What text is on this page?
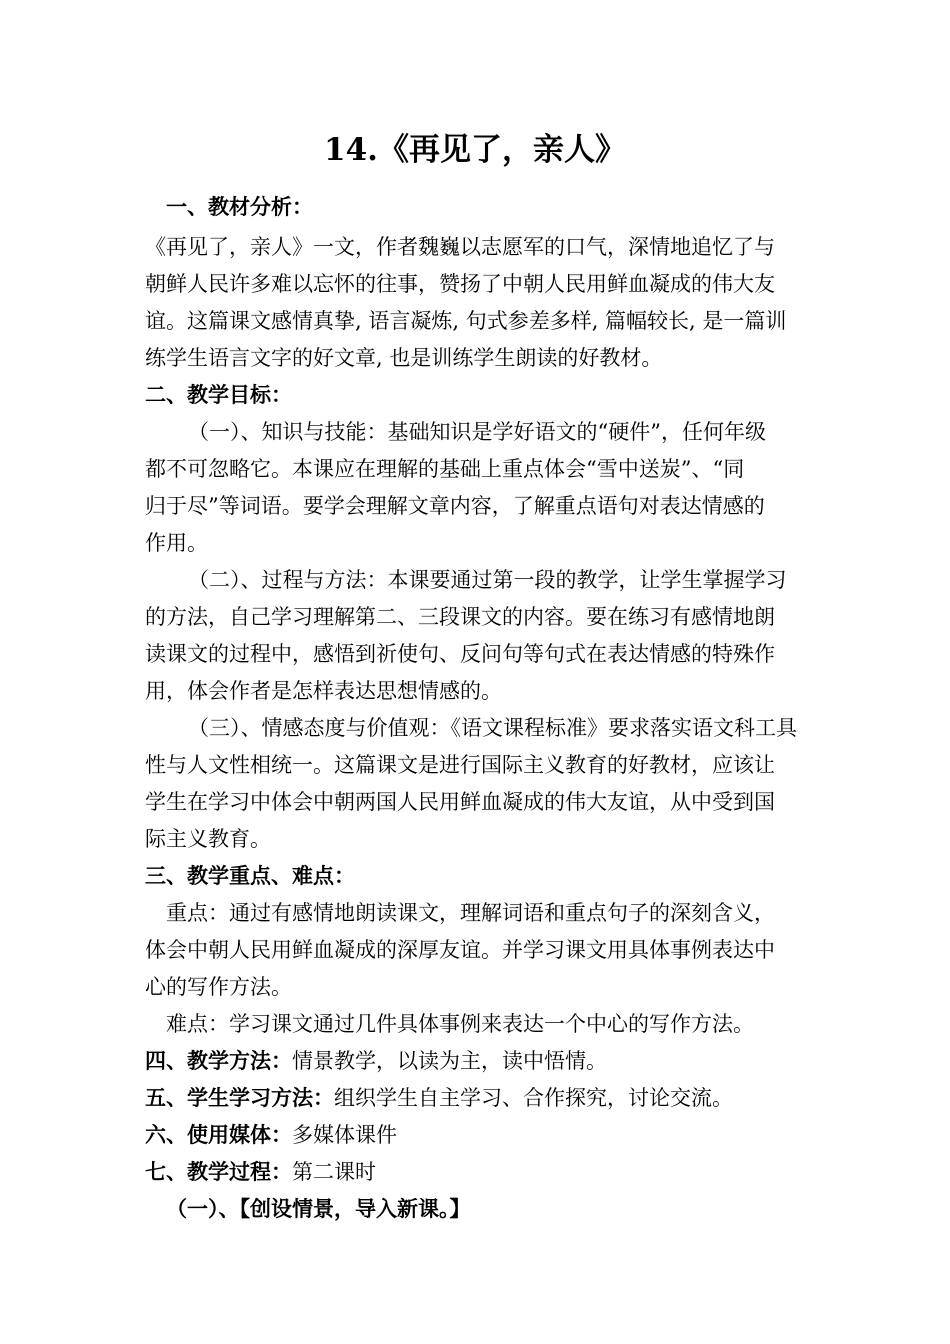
14.《再见了，亲人》

一、教材分析：

《再见了，亲人》一文，作者魏巍以志愿军的口气，深情地追忆了与

朝鲜人民许多难以忘怀的往事，赞扬了中朝人民用鲜血凝成的伟大友

谊。这篇课文感情真挚, 语言凝炼, 句式参差多样, 篇幅较长, 是一篇训

练学生语言文字的好文章, 也是训练学生朗读的好教材。

二、教学目标：

（一）、知识与技能：基础知识是学好语文的“硬件”，任何年级

都不可忽略它。本课应在理解的基础上重点体会“雪中送炭”、“同

归于尽”等词语。要学会理解文章内容，了解重点语句对表达情感的

作用。

（二）、过程与方法：本课要通过第一段的教学，让学生掌握学习

的方法，自己学习理解第二、三段课文的内容。要在练习有感情地朗

读课文的过程中，感悟到祈使句、反问句等句式在表达情感的特殊作

用，体会作者是怎样表达思想情感的。

（三）、情感态度与价值观：《语文课程标准》要求落实语文科工具

性与人文性相统一。这篇课文是进行国际主义教育的好教材，应该让

学生在学习中体会中朝两国人民用鲜血凝成的伟大友谊，从中受到国

际主义教育。

三、教学重点、难点：

重点：通过有感情地朗读课文，理解词语和重点句子的深刻含义，

体会中朝人民用鲜血凝成的深厚友谊。并学习课文用具体事例表达中

心的写作方法。

难点：学习课文通过几件具体事例来表达一个中心的写作方法。

四、教学方法：情景教学，以读为主，读中悟情。

五、学生学习方法：组织学生自主学习、合作探究，讨论交流。

六、使用媒体：多媒体课件

七、教学过程：第二课时

（一）、【创设情景，导入新课。】
